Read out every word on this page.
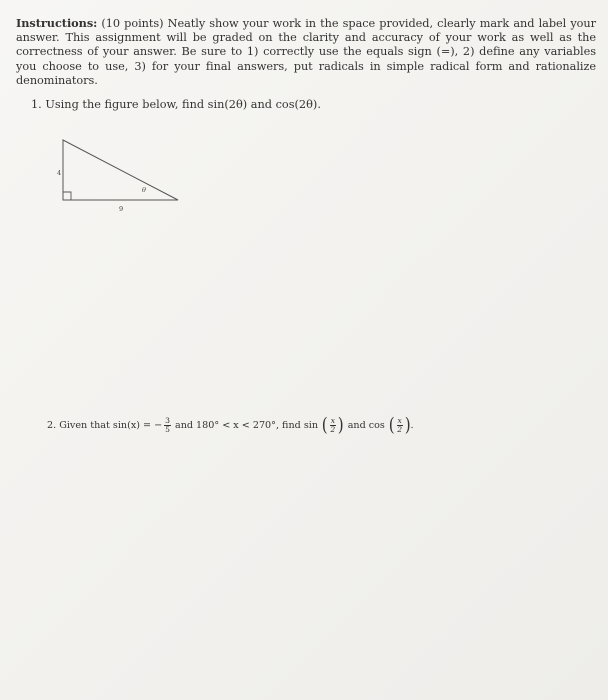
Instructions: (10 points) Neatly show your work in the space provided, clearly mark and label your answer. This assignment will be graded on the clarity and accuracy of your work as well as the correctness of your answer. Be sure to 1) correctly use the equals sign (=), 2) define any variables you choose to use, 3) for your final answers, put radicals in simple radical form and rationalize denominators.
1. Using the figure below, find sin(2θ) and cos(2θ).
4
9
θ
2. Given that sin(x) = − $\frac{3}{5}$ and 180° < x < 270°, find sin ( $\frac{x}{2}$ ) and cos ( $\frac{x}{2}$ ) .
